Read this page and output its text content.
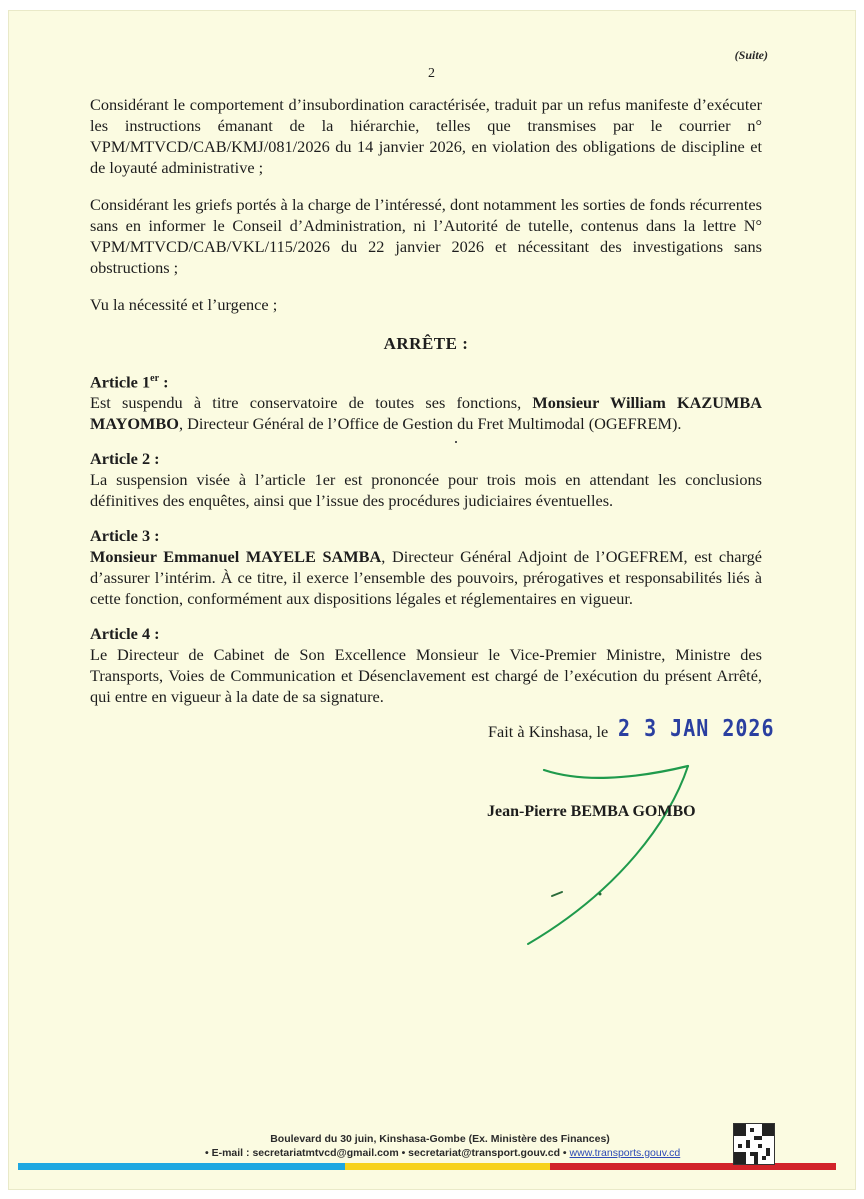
(Suite)
2

Considérant le comportement d’insubordination caractérisée, traduit par un refus manifeste d’exécuter les instructions émanant de la hiérarchie, telles que transmises par le courrier n° VPM/MTVCD/CAB/KMJ/081/2026 du 14 janvier 2026, en violation des obligations de discipline et de loyauté administrative ;

Considérant les griefs portés à la charge de l’intéressé, dont notamment les sorties de fonds récurrentes sans en informer le Conseil d’Administration, ni l’Autorité de tutelle, contenus dans la lettre N° VPM/MTVCD/CAB/VKL/115/2026 du 22 janvier 2026 et nécessitant des investigations sans obstructions ;

Vu la nécessité et l’urgence ;

ARRÊTE :

Article 1er :

Est suspendu à titre conservatoire de toutes ses fonctions, Monsieur William KAZUMBA MAYOMBO, Directeur Général de l’Office de Gestion du Fret Multimodal (OGEFREM).

Article 2 :

La suspension visée à l’article 1er est prononcée pour trois mois en attendant les conclusions définitives des enquêtes, ainsi que l’issue des procédures judiciaires éventuelles.

Article 3 :

Monsieur Emmanuel MAYELE SAMBA, Directeur Général Adjoint de l’OGEFREM, est chargé d’assurer l’intérim. À ce titre, il exerce l’ensemble des pouvoirs, prérogatives et responsabilités liés à cette fonction, conformément aux dispositions légales et réglementaires en vigueur.

Article 4 :

Le Directeur de Cabinet de Son Excellence Monsieur le Vice-Premier Ministre, Ministre des Transports, Voies de Communication et Désenclavement est chargé de l’exécution du présent Arrêté, qui entre en vigueur à la date de sa signature.

Fait à Kinshasa, le 2 3 JAN 2026
Jean-Pierre BEMBA GOMBO
Boulevard du 30 juin, Kinshasa-Gombe (Ex. Ministère des Finances)
• E-mail : secretariatmtvcd@gmail.com • secretariat@transport.gouv.cd • www.transports.gouv.cd
